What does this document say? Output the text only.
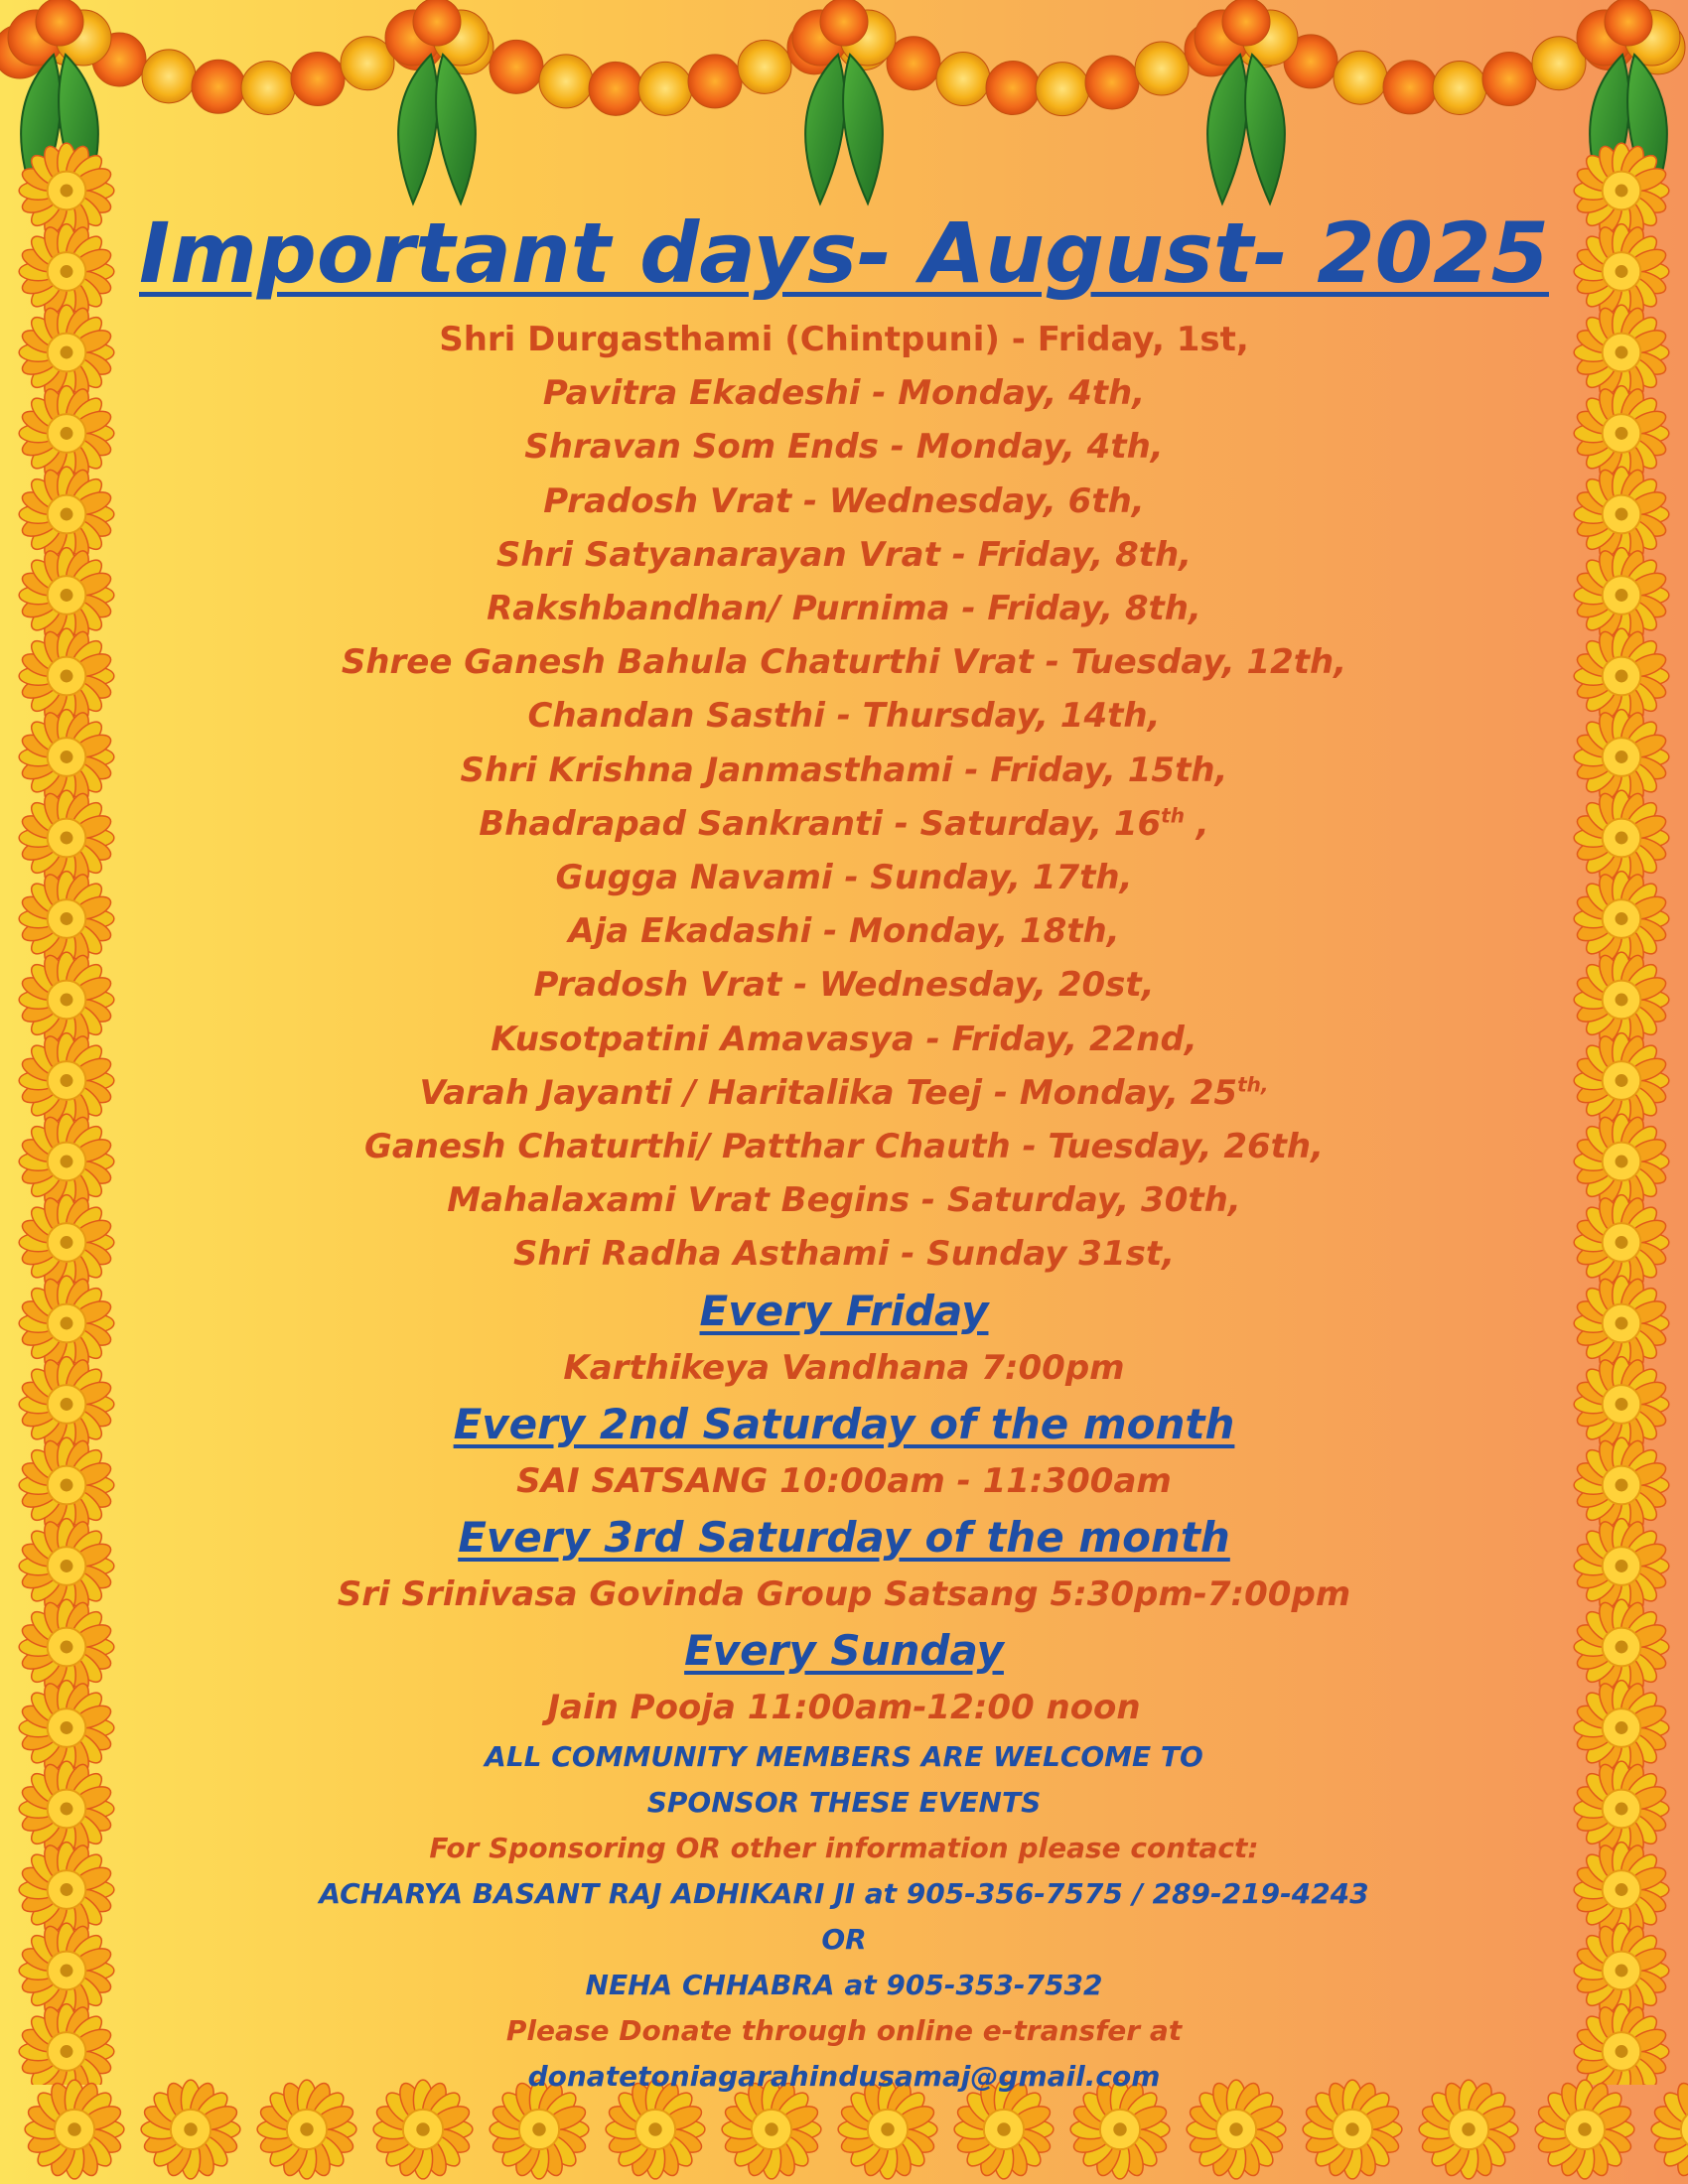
Important days- August- 2025

Shri Durgasthami (Chintpuni) - Friday, 1st,

Pavitra Ekadeshi - Monday, 4th,

Shravan Som Ends - Monday, 4th,

Pradosh Vrat - Wednesday, 6th,

Shri Satyanarayan Vrat - Friday, 8th,

Rakshbandhan/ Purnima - Friday, 8th,

Shree Ganesh Bahula Chaturthi Vrat - Tuesday, 12th,

Chandan Sasthi - Thursday, 14th,

Shri Krishna Janmasthami - Friday, 15th,

Bhadrapad Sankranti - Saturday, 16th ,

Gugga Navami - Sunday, 17th,

Aja Ekadashi - Monday, 18th,

Pradosh Vrat - Wednesday, 20st,

Kusotpatini Amavasya - Friday, 22nd,

Varah Jayanti / Haritalika Teej - Monday, $25^{th,}$

Ganesh Chaturthi/ Patthar Chauth - Tuesday, 26th,

Mahalaxami Vrat Begins - Saturday, 30th,

Shri Radha Asthami - Sunday 31st,

Every Friday

Karthikeya Vandhana 7:00pm

Every 2nd Saturday of the month

SAI SATSANG 10:00am - 11:300am

Every 3rd Saturday of the month

Sri Srinivasa Govinda Group Satsang 5:30pm-7:00pm

Every Sunday

Jain Pooja 11:00am-12:00 noon

ALL COMMUNITY MEMBERS ARE WELCOME TO

SPONSOR THESE EVENTS

For Sponsoring OR other information please contact:

ACHARYA BASANT RAJ ADHIKARI JI at 905-356-7575 / 289-219-4243

OR

NEHA CHHABRA at 905-353-7532

Please Donate through online e-transfer at

donatetoniagarahindusamaj@gmail.com
